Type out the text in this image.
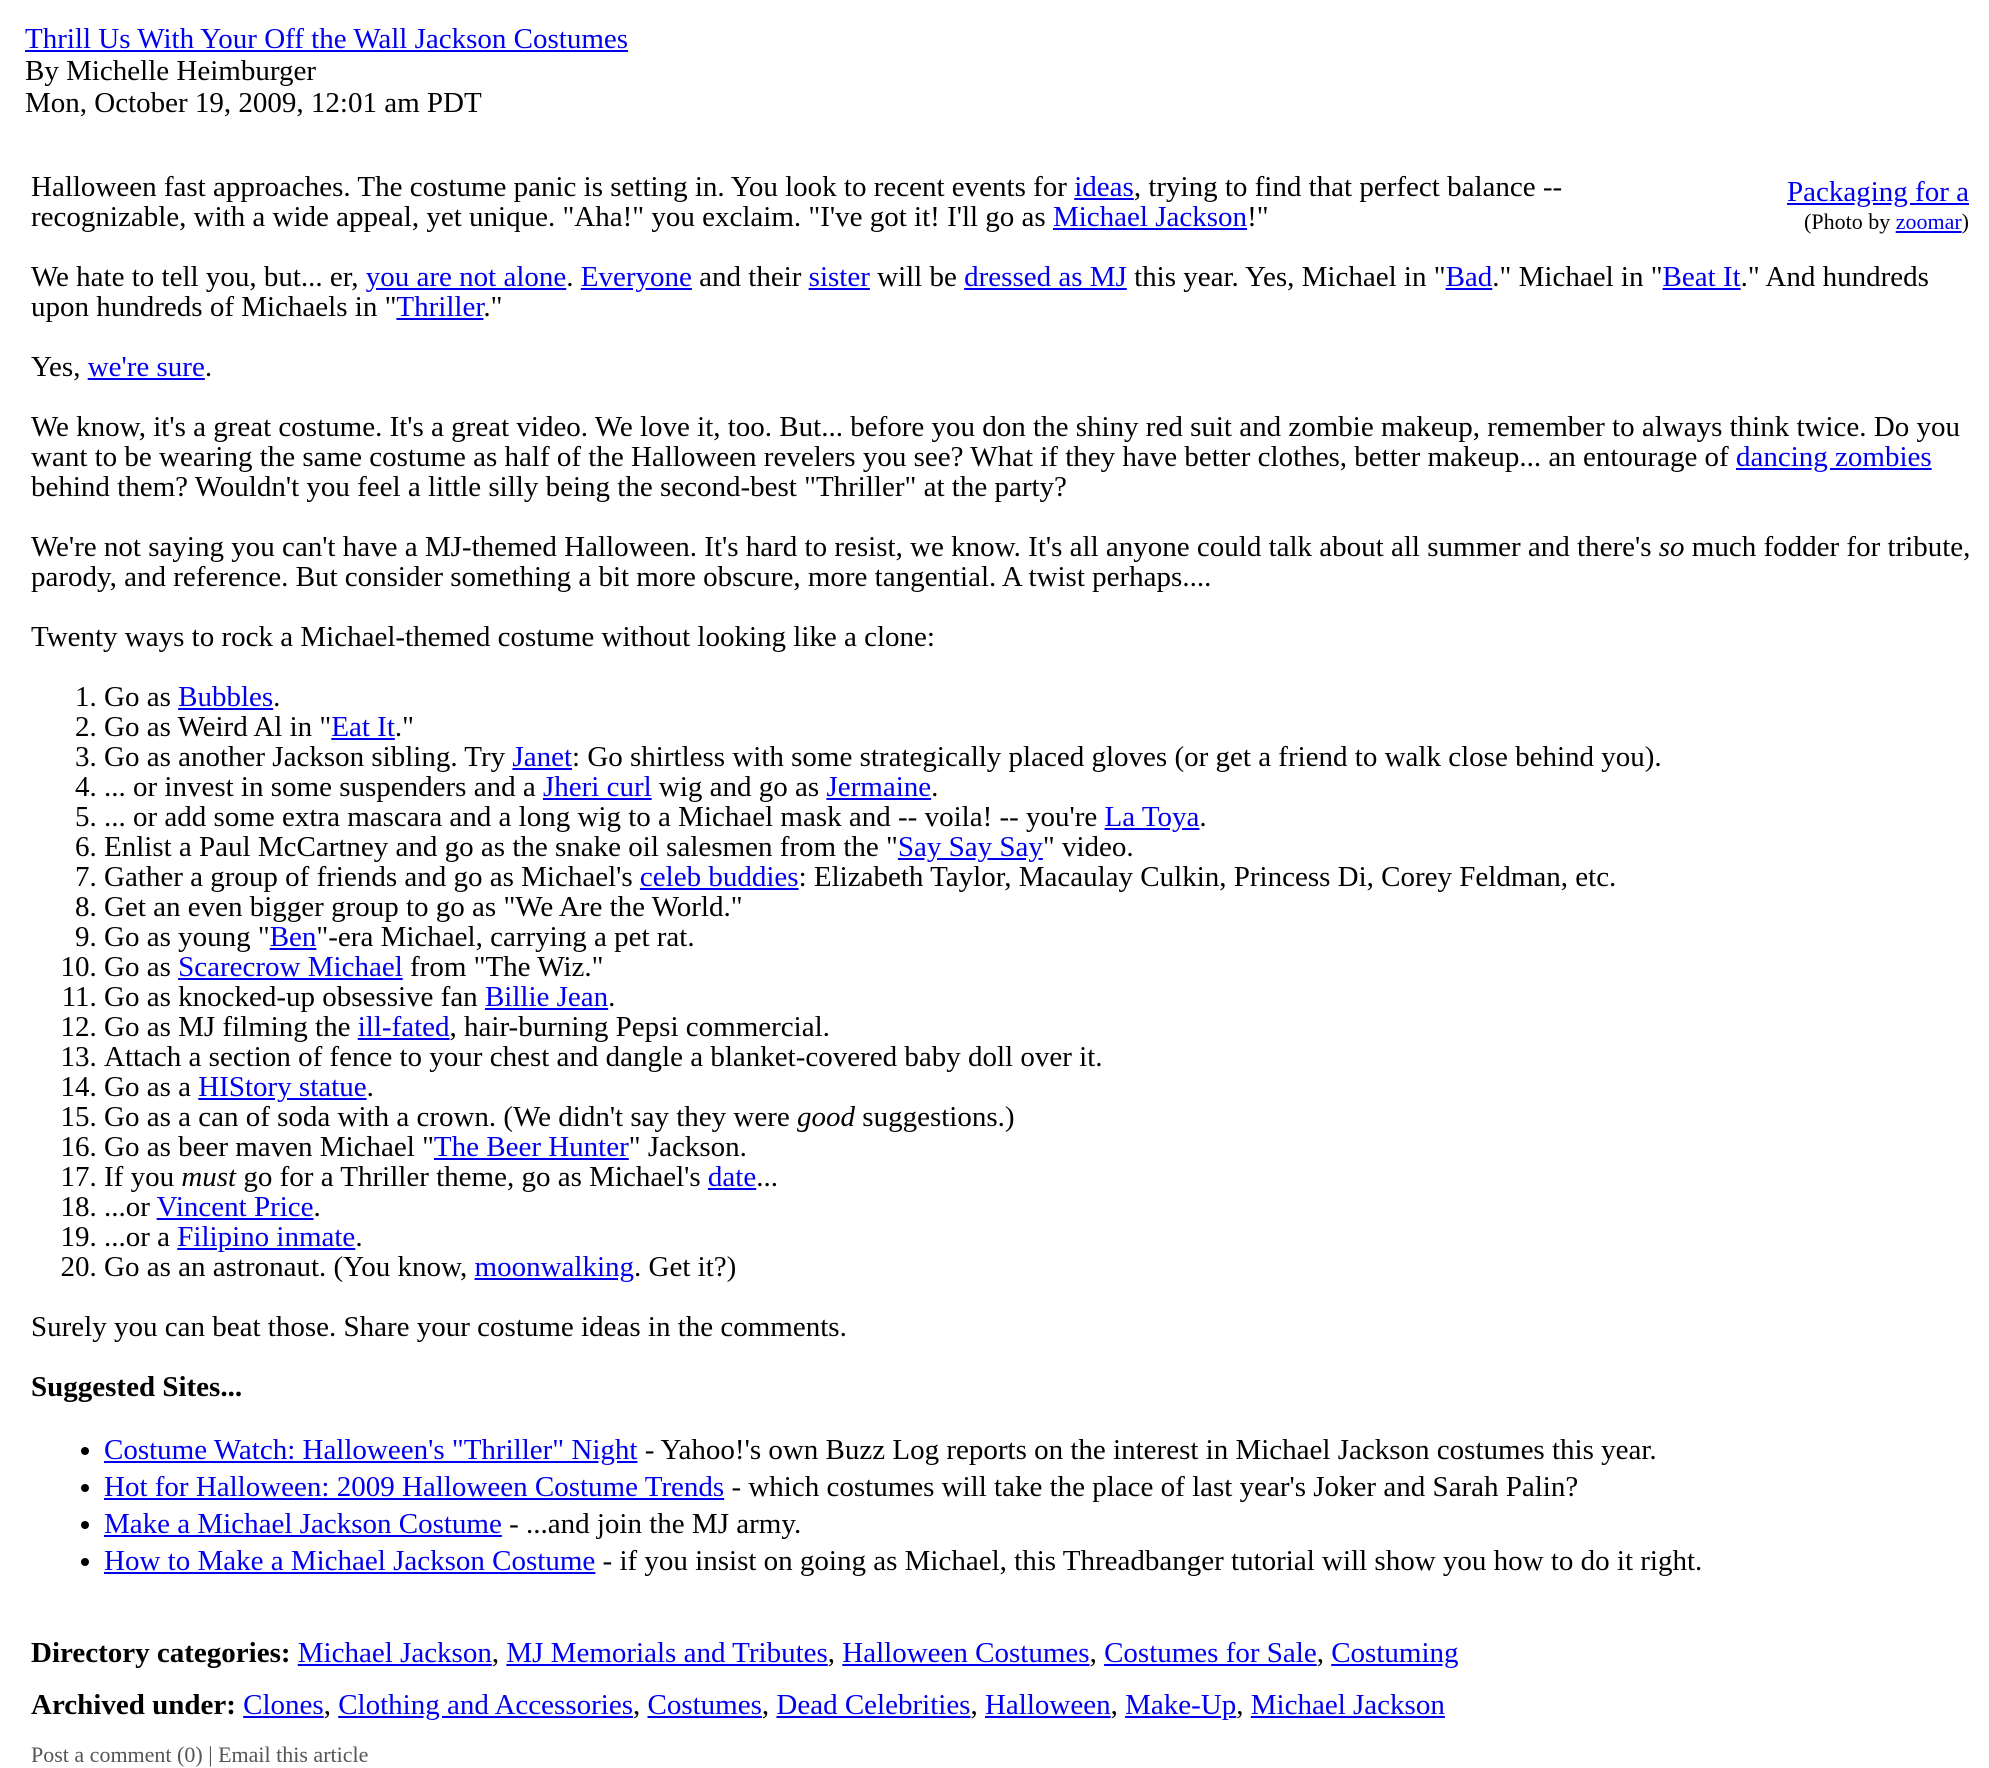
Thrill Us With Your Off the Wall Jackson Costumes
By Michelle Heimburger
Mon, October 19, 2009, 12:01 am PDT
Packaging for a
(Photo by zoomar)

Halloween fast approaches. The costume panic is setting in. You look to recent events for ideas, trying to find that perfect balance -- recognizable, with a wide appeal, yet unique. "Aha!" you exclaim. "I've got it! I'll go as Michael Jackson!"

We hate to tell you, but... er, you are not alone. Everyone and their sister will be dressed as MJ this year. Yes, Michael in "Bad." Michael in "Beat It." And hundreds upon hundreds of Michaels in "Thriller."

Yes, we're sure.

We know, it's a great costume. It's a great video. We love it, too. But... before you don the shiny red suit and zombie makeup, remember to always think twice. Do you want to be wearing the same costume as half of the Halloween revelers you see? What if they have better clothes, better makeup... an entourage of dancing zombies behind them? Wouldn't you feel a little silly being the second-best "Thriller" at the party?

We're not saying you can't have a MJ-themed Halloween. It's hard to resist, we know. It's all anyone could talk about all summer and there's so much fodder for tribute, parody, and reference. But consider something a bit more obscure, more tangential. A twist perhaps....

Twenty ways to rock a Michael-themed costume without looking like a clone:

1. Go as Bubbles.
2. Go as Weird Al in "Eat It."
3. Go as another Jackson sibling. Try Janet: Go shirtless with some strategically placed gloves (or get a friend to walk close behind you).
4. ... or invest in some suspenders and a Jheri curl wig and go as Jermaine.
5. ... or add some extra mascara and a long wig to a Michael mask and -- voila! -- you're La Toya.
6. Enlist a Paul McCartney and go as the snake oil salesmen from the "Say Say Say" video.
7. Gather a group of friends and go as Michael's celeb buddies: Elizabeth Taylor, Macaulay Culkin, Princess Di, Corey Feldman, etc.
8. Get an even bigger group to go as "We Are the World."
9. Go as young "Ben"-era Michael, carrying a pet rat.
10. Go as Scarecrow Michael from "The Wiz."
11. Go as knocked-up obsessive fan Billie Jean.
12. Go as MJ filming the ill-fated, hair-burning Pepsi commercial.
13. Attach a section of fence to your chest and dangle a blanket-covered baby doll over it.
14. Go as a HIStory statue.
15. Go as a can of soda with a crown. (We didn't say they were good suggestions.)
16. Go as beer maven Michael "The Beer Hunter" Jackson.
17. If you must go for a Thriller theme, go as Michael's date...
18. ...or Vincent Price.
19. ...or a Filipino inmate.
20. Go as an astronaut. (You know, moonwalking. Get it?)

Surely you can beat those. Share your costume ideas in the comments.

Suggested Sites...
• Costume Watch: Halloween's "Thriller" Night - Yahoo!'s own Buzz Log reports on the interest in Michael Jackson costumes this year.
• Hot for Halloween: 2009 Halloween Costume Trends - which costumes will take the place of last year's Joker and Sarah Palin?
• Make a Michael Jackson Costume - ...and join the MJ army.
• How to Make a Michael Jackson Costume - if you insist on going as Michael, this Threadbanger tutorial will show you how to do it right.
Directory categories: Michael Jackson, MJ Memorials and Tributes, Halloween Costumes, Costumes for Sale, Costuming
Archived under: Clones, Clothing and Accessories, Costumes, Dead Celebrities, Halloween, Make-Up, Michael Jackson
Post a comment (0) | Email this article
